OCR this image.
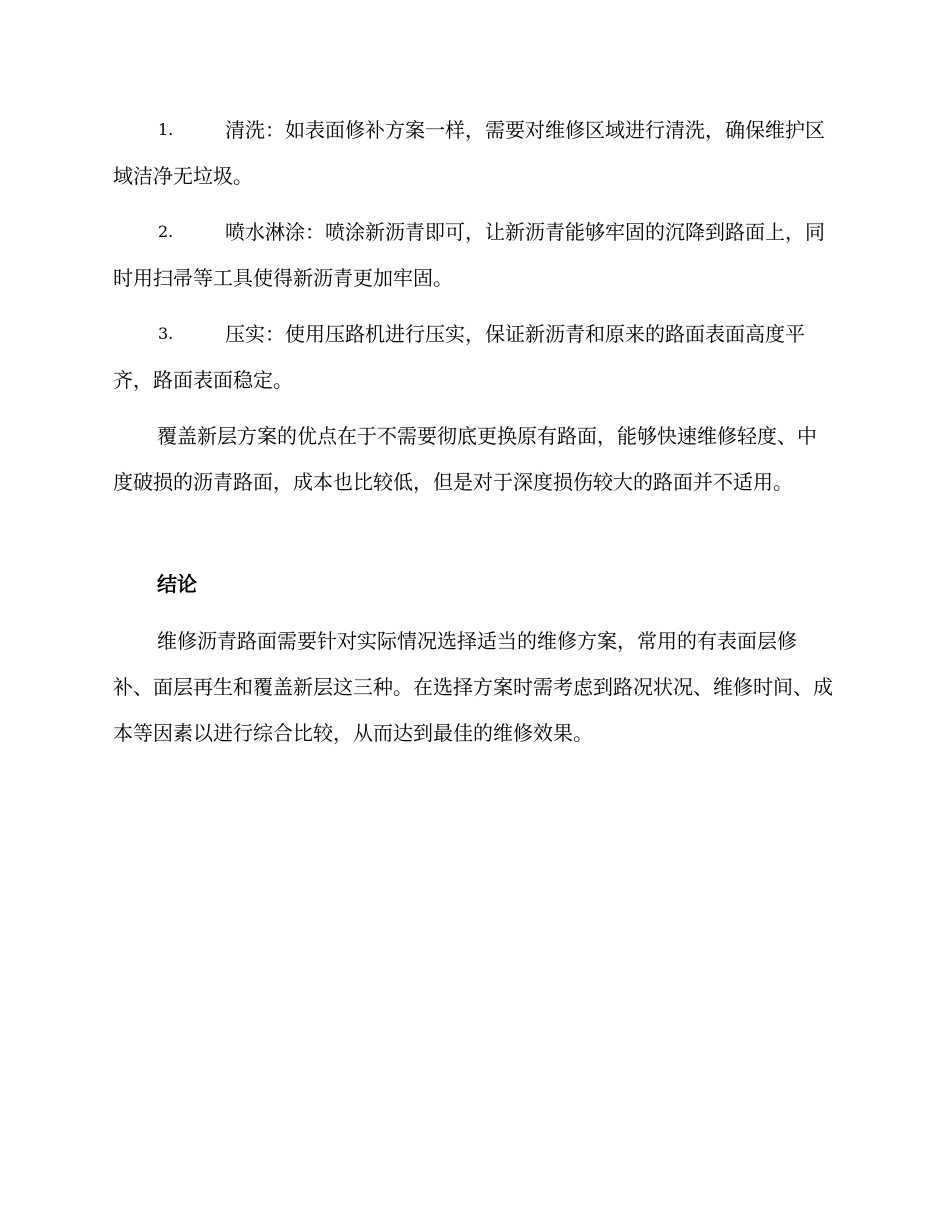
1.	清洗：如表面修补方案一样，需要对维修区域进行清洗，确保维护区域洁净无垃圾。
2.	喷水淋涂：喷涂新沥青即可，让新沥青能够牢固的沉降到路面上，同时用扫帚等工具使得新沥青更加牢固。
3.	压实：使用压路机进行压实，保证新沥青和原来的路面表面高度平齐，路面表面稳定。

覆盖新层方案的优点在于不需要彻底更换原有路面，能够快速维修轻度、中度破损的沥青路面，成本也比较低，但是对于深度损伤较大的路面并不适用。

结论

维修沥青路面需要针对实际情况选择适当的维修方案，常用的有表面层修补、面层再生和覆盖新层这三种。在选择方案时需考虑到路况状况、维修时间、成本等因素以进行综合比较，从而达到最佳的维修效果。
